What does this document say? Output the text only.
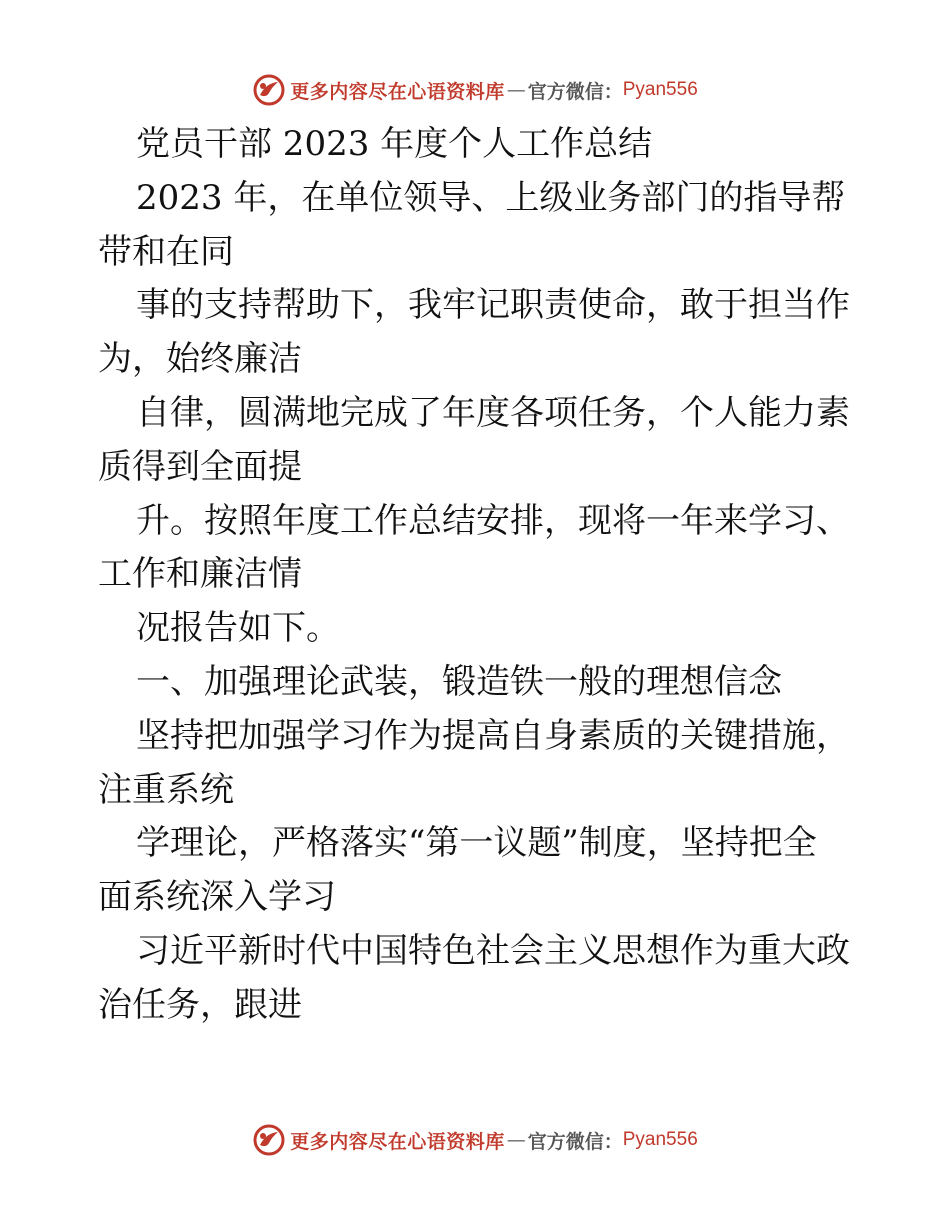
更多内容尽在心语资料库 — 官方微信： Pyan556
党员干部 2023 年度个人工作总结
2023 年，在单位领导、上级业务部门的指导帮
带和在同
事的支持帮助下，我牢记职责使命，敢于担当作
为，始终廉洁
自律，圆满地完成了年度各项任务，个人能力素
质得到全面提
升。按照年度工作总结安排，现将一年来学习、
工作和廉洁情
况报告如下。
一、加强理论武装，锻造铁一般的理想信念
坚持把加强学习作为提高自身素质的关键措施，
注重系统
学理论，严格落实“第一议题”制度，坚持把全
面系统深入学习
习近平新时代中国特色社会主义思想作为重大政
治任务，跟进
更多内容尽在心语资料库 — 官方微信： Pyan556
